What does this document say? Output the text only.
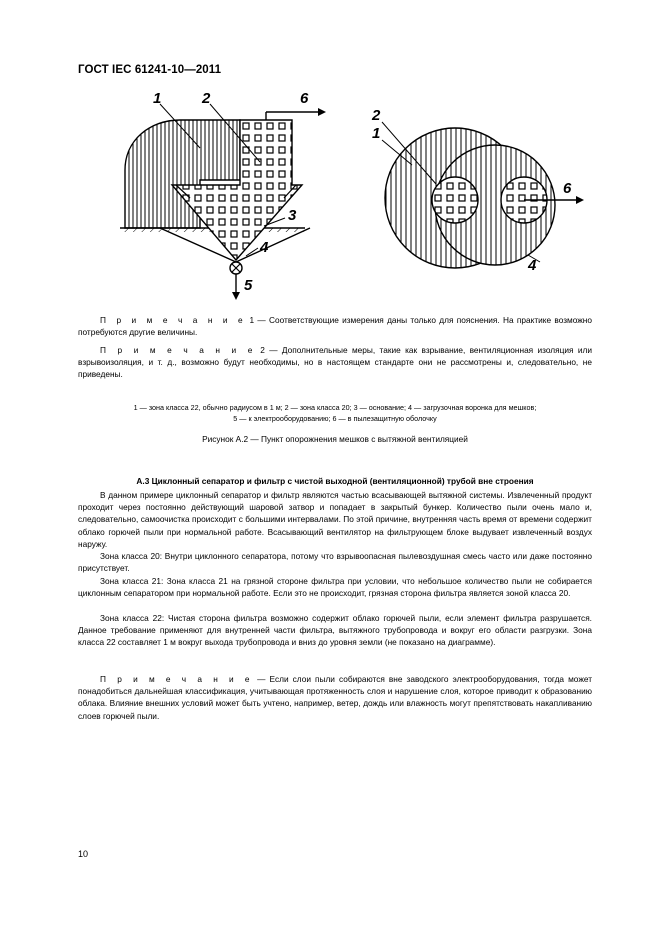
ГОСТ IEC 61241-10—2011
1	2
3
4
5
6
2
1
4
6
П р и м е ч а н и е 1 — Соответствующие измерения даны только для пояснения. На практике возможно потребуются другие величины.
П р и м е ч а н и е 2 — Дополнительные меры, такие как взрывание, вентиляционная изоляция или взрывоизоляция, и т. д., возможно будут необходимы, но в настоящем стандарте они не рассмотрены и, следовательно, не приведены.
1 — зона класса 22, обычно радиусом в 1 м; 2 — зона класса 20; 3 — основание; 4 — загрузочная воронка для мешков;
5 — к электрооборудованию; 6 — в пылезащитную оболочку
Рисунок A.2 — Пункт опорожнения мешков с вытяжной вентиляцией
A.3 Циклонный сепаратор и фильтр с чистой выходной (вентиляционной) трубой вне строения

В данном примере циклонный сепаратор и фильтр являются частью всасывающей вытяжной системы. Извлеченный продукт проходит через постоянно действующий шаровой затвор и попадает в закрытый бункер. Количество пыли очень мало и, следовательно, самоочистка происходит с большими интервалами. По этой причине, внутренняя часть время от времени содержит облако горючей пыли при нормальной работе. Всасывающий вентилятор на фильтрующем блоке выдувает извлеченный воздух наружу.

Зона класса 20: Внутри циклонного сепаратора, потому что взрывоопасная пылевоздушная смесь часто или даже постоянно присутствует.

Зона класса 21: Зона класса 21 на грязной стороне фильтра при условии, что небольшое количество пыли не собирается циклонным сепаратором при нормальной работе. Если это не происходит, грязная сторона фильтра является зоной класса 20.

Зона класса 22: Чистая сторона фильтра возможно содержит облако горючей пыли, если элемент фильтра разрушается. Данное требование применяют для внутренней части фильтра, вытяжного трубопровода и вокруг его области разгрузки. Зона класса 22 составляет 1 м вокруг выхода трубопровода и вниз до уровня земли (не показано на диаграмме).

П р и м е ч а н и е — Если слои пыли собираются вне заводского электрооборудования, тогда может понадобиться дальнейшая классификация, учитывающая протяженность слоя и нарушение слоя, которое приводит к образованию облака. Влияние внешних условий может быть учтено, например, ветер, дождь или влажность могут препятствовать накапливанию слоев горючей пыли.

10
